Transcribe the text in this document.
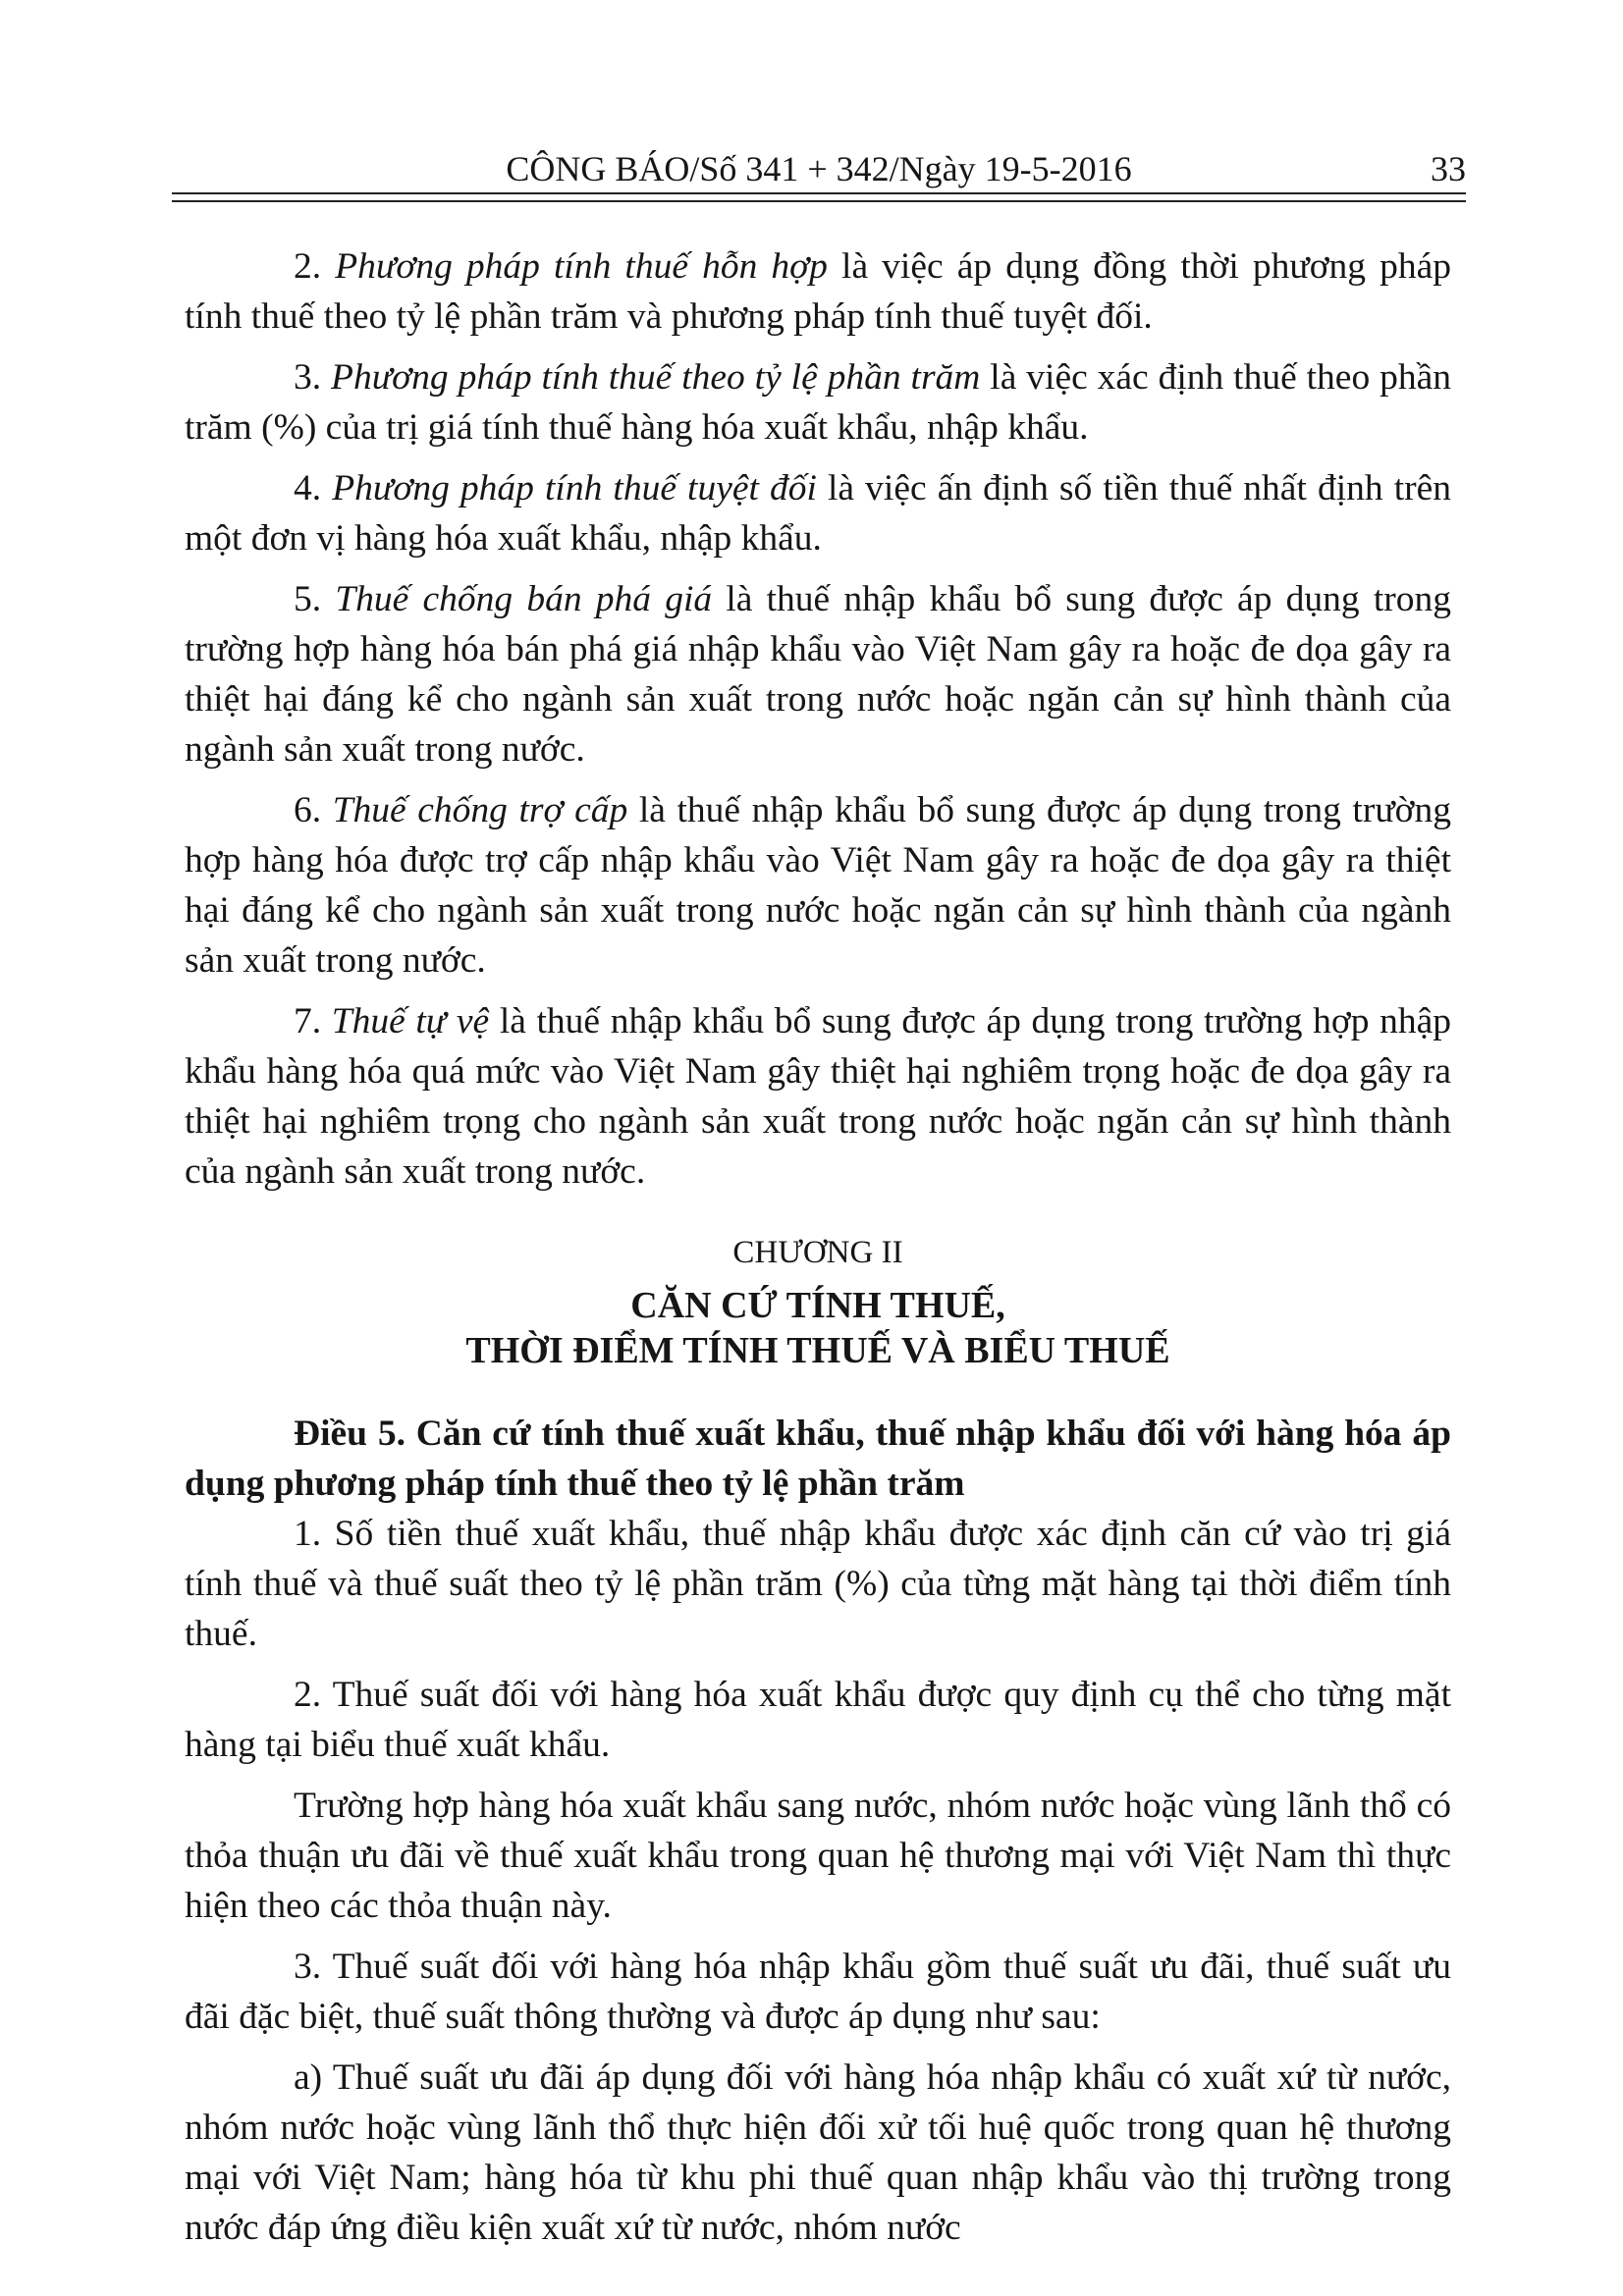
CÔNG BÁO/Số 341 + 342/Ngày 19-5-2016	33

2. Phương pháp tính thuế hỗn hợp là việc áp dụng đồng thời phương pháp tính thuế theo tỷ lệ phần trăm và phương pháp tính thuế tuyệt đối.

3. Phương pháp tính thuế theo tỷ lệ phần trăm là việc xác định thuế theo phần trăm (%) của trị giá tính thuế hàng hóa xuất khẩu, nhập khẩu.

4. Phương pháp tính thuế tuyệt đối là việc ấn định số tiền thuế nhất định trên một đơn vị hàng hóa xuất khẩu, nhập khẩu.

5. Thuế chống bán phá giá là thuế nhập khẩu bổ sung được áp dụng trong trường hợp hàng hóa bán phá giá nhập khẩu vào Việt Nam gây ra hoặc đe dọa gây ra thiệt hại đáng kể cho ngành sản xuất trong nước hoặc ngăn cản sự hình thành của ngành sản xuất trong nước.

6. Thuế chống trợ cấp là thuế nhập khẩu bổ sung được áp dụng trong trường hợp hàng hóa được trợ cấp nhập khẩu vào Việt Nam gây ra hoặc đe dọa gây ra thiệt hại đáng kể cho ngành sản xuất trong nước hoặc ngăn cản sự hình thành của ngành sản xuất trong nước.

7. Thuế tự vệ là thuế nhập khẩu bổ sung được áp dụng trong trường hợp nhập khẩu hàng hóa quá mức vào Việt Nam gây thiệt hại nghiêm trọng hoặc đe dọa gây ra thiệt hại nghiêm trọng cho ngành sản xuất trong nước hoặc ngăn cản sự hình thành của ngành sản xuất trong nước.

CHƯƠNG II

CĂN CỨ TÍNH THUẾ,
THỜI ĐIỂM TÍNH THUẾ VÀ BIỂU THUẾ

Điều 5. Căn cứ tính thuế xuất khẩu, thuế nhập khẩu đối với hàng hóa áp dụng phương pháp tính thuế theo tỷ lệ phần trăm

1. Số tiền thuế xuất khẩu, thuế nhập khẩu được xác định căn cứ vào trị giá tính thuế và thuế suất theo tỷ lệ phần trăm (%) của từng mặt hàng tại thời điểm tính thuế.

2. Thuế suất đối với hàng hóa xuất khẩu được quy định cụ thể cho từng mặt hàng tại biểu thuế xuất khẩu.

Trường hợp hàng hóa xuất khẩu sang nước, nhóm nước hoặc vùng lãnh thổ có thỏa thuận ưu đãi về thuế xuất khẩu trong quan hệ thương mại với Việt Nam thì thực hiện theo các thỏa thuận này.

3. Thuế suất đối với hàng hóa nhập khẩu gồm thuế suất ưu đãi, thuế suất ưu đãi đặc biệt, thuế suất thông thường và được áp dụng như sau:

a) Thuế suất ưu đãi áp dụng đối với hàng hóa nhập khẩu có xuất xứ từ nước, nhóm nước hoặc vùng lãnh thổ thực hiện đối xử tối huệ quốc trong quan hệ thương mại với Việt Nam; hàng hóa từ khu phi thuế quan nhập khẩu vào thị trường trong nước đáp ứng điều kiện xuất xứ từ nước, nhóm nước
